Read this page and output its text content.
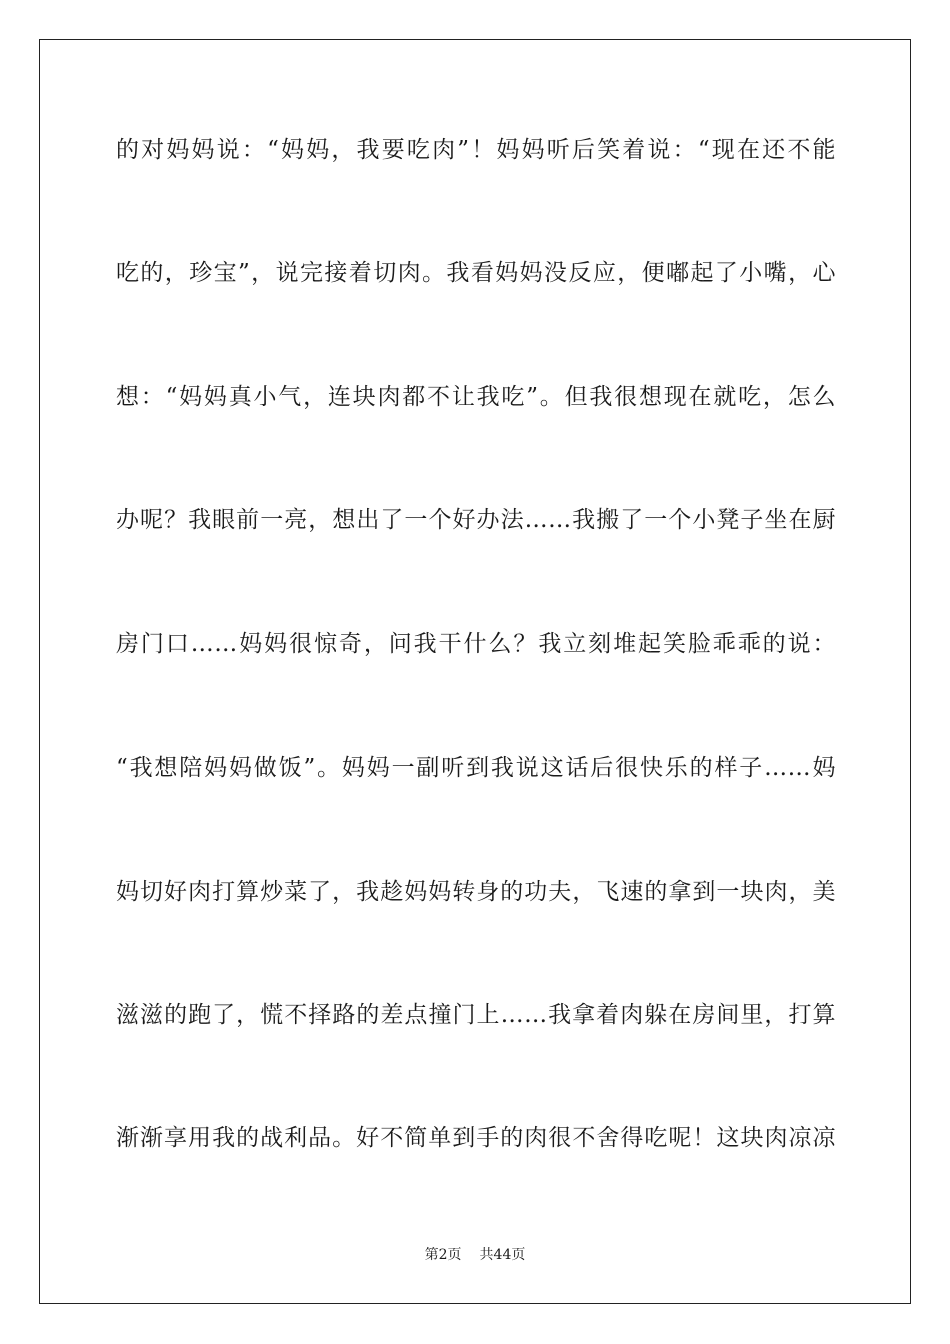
的对妈妈说：“妈妈，我要吃肉”！妈妈听后笑着说：“现在还不能
吃的，珍宝”，说完接着切肉。我看妈妈没反应，便嘟起了小嘴，心
想：“妈妈真小气，连块肉都不让我吃”。但我很想现在就吃，怎么
办呢？我眼前一亮，想出了一个好办法……我搬了一个小凳子坐在厨
房门口……妈妈很惊奇，问我干什么？我立刻堆起笑脸乖乖的说：
“我想陪妈妈做饭”。妈妈一副听到我说这话后很快乐的样子……妈
妈切好肉打算炒菜了，我趁妈妈转身的功夫，飞速的拿到一块肉，美
滋滋的跑了，慌不择路的差点撞门上……我拿着肉躲在房间里，打算
渐渐享用我的战利品。好不简单到手的肉很不舍得吃呢！这块肉凉凉
第2页 共44页
